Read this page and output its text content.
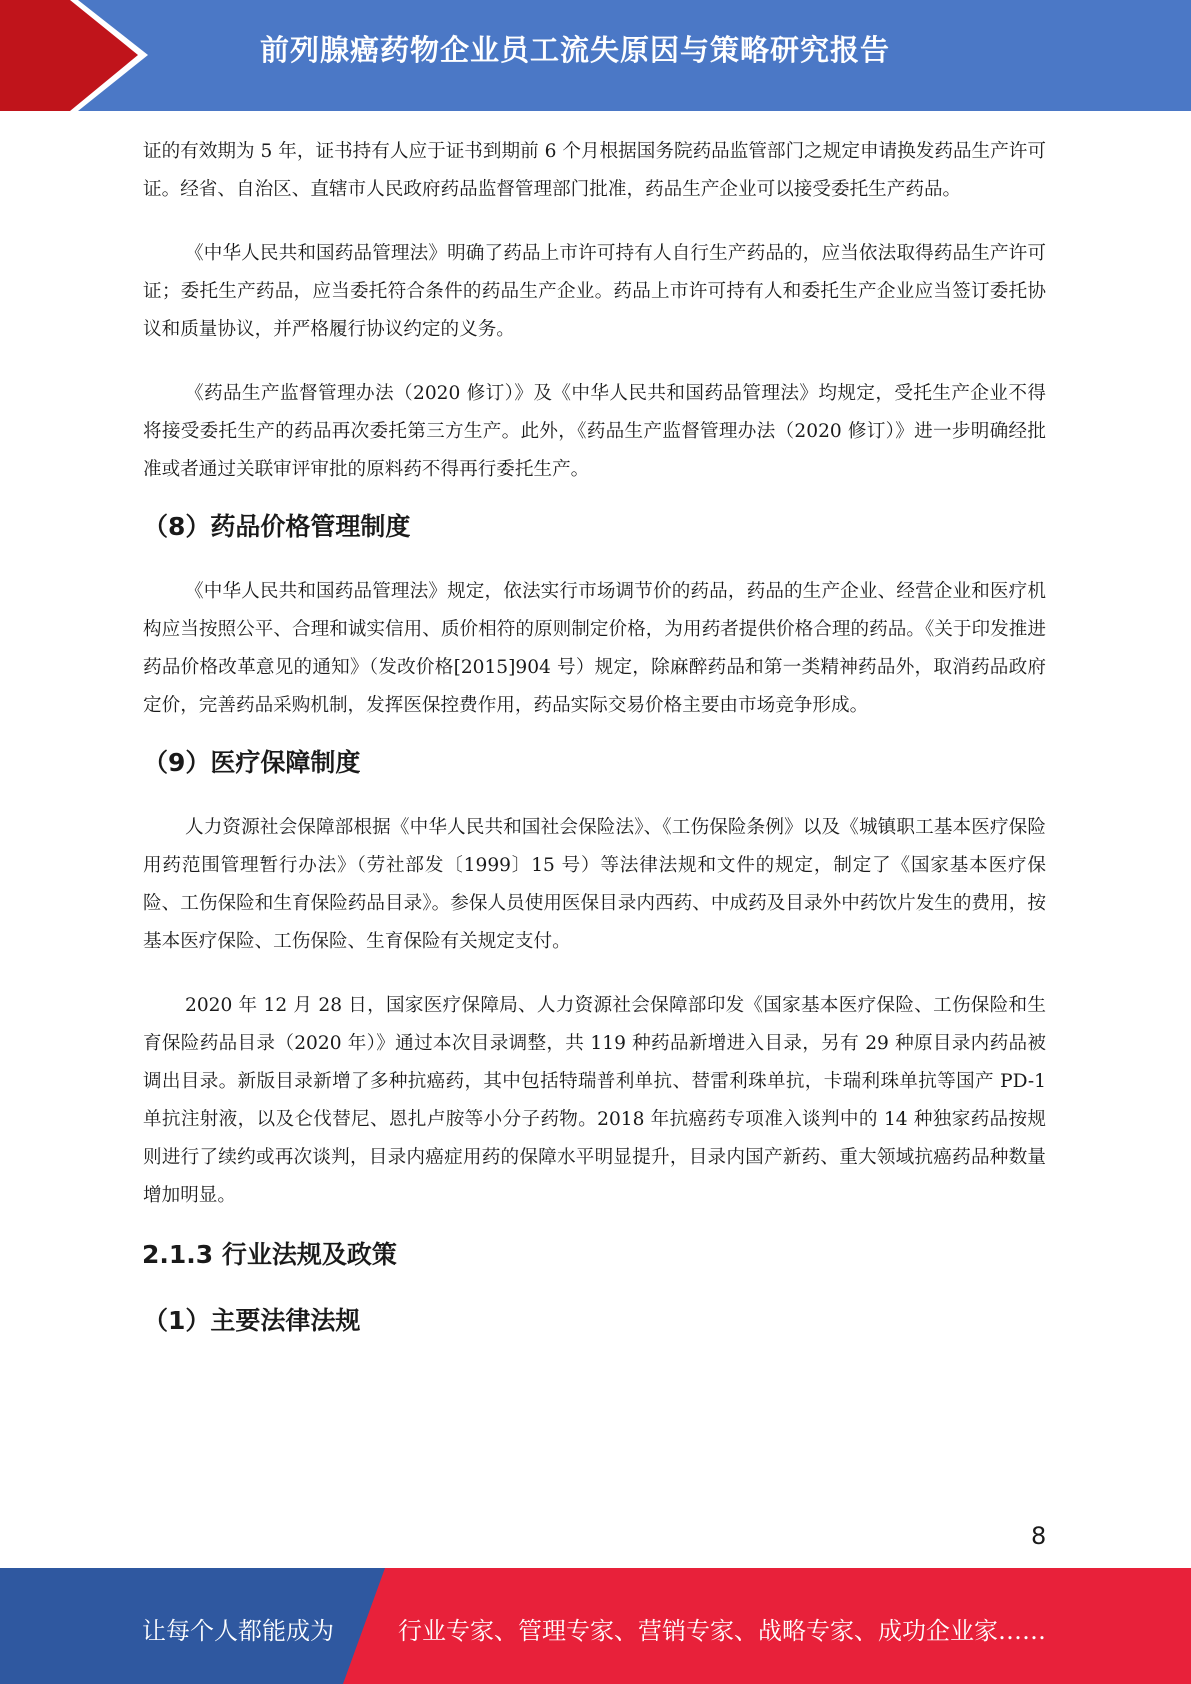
前列腺癌药物企业员工流失原因与策略研究报告

证的有效期为 5 年，证书持有人应于证书到期前 6 个月根据国务院药品监管部门之规定申请换发药品生产许可证。经省、自治区、直辖市人民政府药品监督管理部门批准，药品生产企业可以接受委托生产药品。

《中华人民共和国药品管理法》明确了药品上市许可持有人自行生产药品的，应当依法取得药品生产许可证；委托生产药品，应当委托符合条件的药品生产企业。药品上市许可持有人和委托生产企业应当签订委托协议和质量协议，并严格履行协议约定的义务。

《药品生产监督管理办法（2020 修订）》及《中华人民共和国药品管理法》均规定，受托生产企业不得将接受委托生产的药品再次委托第三方生产。此外，《药品生产监督管理办法（2020 修订）》进一步明确经批准或者通过关联审评审批的原料药不得再行委托生产。

（8）药品价格管理制度

《中华人民共和国药品管理法》规定，依法实行市场调节价的药品，药品的生产企业、经营企业和医疗机构应当按照公平、合理和诚实信用、质价相符的原则制定价格，为用药者提供价格合理的药品。《关于印发推进药品价格改革意见的通知》（发改价格[2015]904 号）规定，除麻醉药品和第一类精神药品外，取消药品政府定价，完善药品采购机制，发挥医保控费作用，药品实际交易价格主要由市场竞争形成。

（9）医疗保障制度

人力资源社会保障部根据《中华人民共和国社会保险法》、《工伤保险条例》以及《城镇职工基本医疗保险用药范围管理暂行办法》（劳社部发〔1999〕15 号）等法律法规和文件的规定，制定了《国家基本医疗保险、工伤保险和生育保险药品目录》。参保人员使用医保目录内西药、中成药及目录外中药饮片发生的费用，按基本医疗保险、工伤保险、生育保险有关规定支付。

2020 年 12 月 28 日，国家医疗保障局、人力资源社会保障部印发《国家基本医疗保险、工伤保险和生育保险药品目录（2020 年）》通过本次目录调整，共 119 种药品新增进入目录，另有 29 种原目录内药品被调出目录。新版目录新增了多种抗癌药，其中包括特瑞普利单抗、替雷利珠单抗，卡瑞利珠单抗等国产 PD-1 单抗注射液，以及仑伐替尼、恩扎卢胺等小分子药物。2018 年抗癌药专项准入谈判中的 14 种独家药品按规则进行了续约或再次谈判，目录内癌症用药的保障水平明显提升，目录内国产新药、重大领域抗癌药品种数量增加明显。

2.1.3 行业法规及政策
（1）主要法律法规
8
让每个人都能成为	行业专家、管理专家、营销专家、战略专家、成功企业家……
